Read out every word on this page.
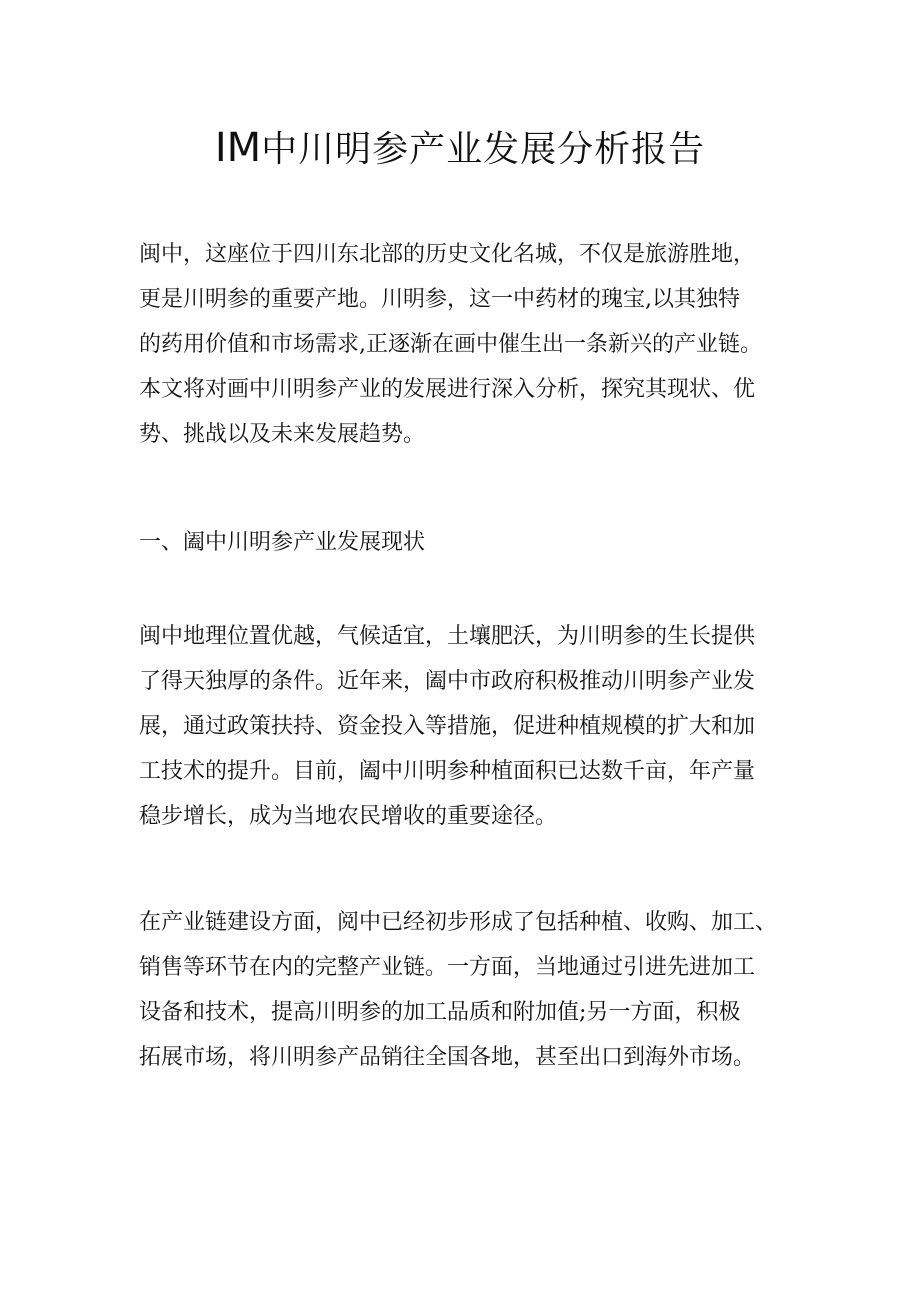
IM中川明参产业发展分析报告
闽中，这座位于四川东北部的历史文化名城，不仅是旅游胜地，
更是川明参的重要产地。川明参，这一中药材的瑰宝,以其独特
的药用价值和市场需求,正逐渐在画中催生出一条新兴的产业链。
本文将对画中川明参产业的发展进行深入分析，探究其现状、优
势、挑战以及未来发展趋势。
一、阖中川明参产业发展现状
闽中地理位置优越，气候适宜，土壤肥沃，为川明参的生长提供
了得天独厚的条件。近年来，阖中市政府积极推动川明参产业发
展，通过政策扶持、资金投入等措施，促进种植规模的扩大和加
工技术的提升。目前，阖中川明参种植面积已达数千亩，年产量
稳步增长，成为当地农民增收的重要途径。
在产业链建设方面，阅中已经初步形成了包括种植、收购、加工、
销售等环节在内的完整产业链。一方面，当地通过引进先进加工
设备和技术，提高川明参的加工品质和附加值;另一方面，积极
拓展市场，将川明参产品销往全国各地，甚至出口到海外市场。
